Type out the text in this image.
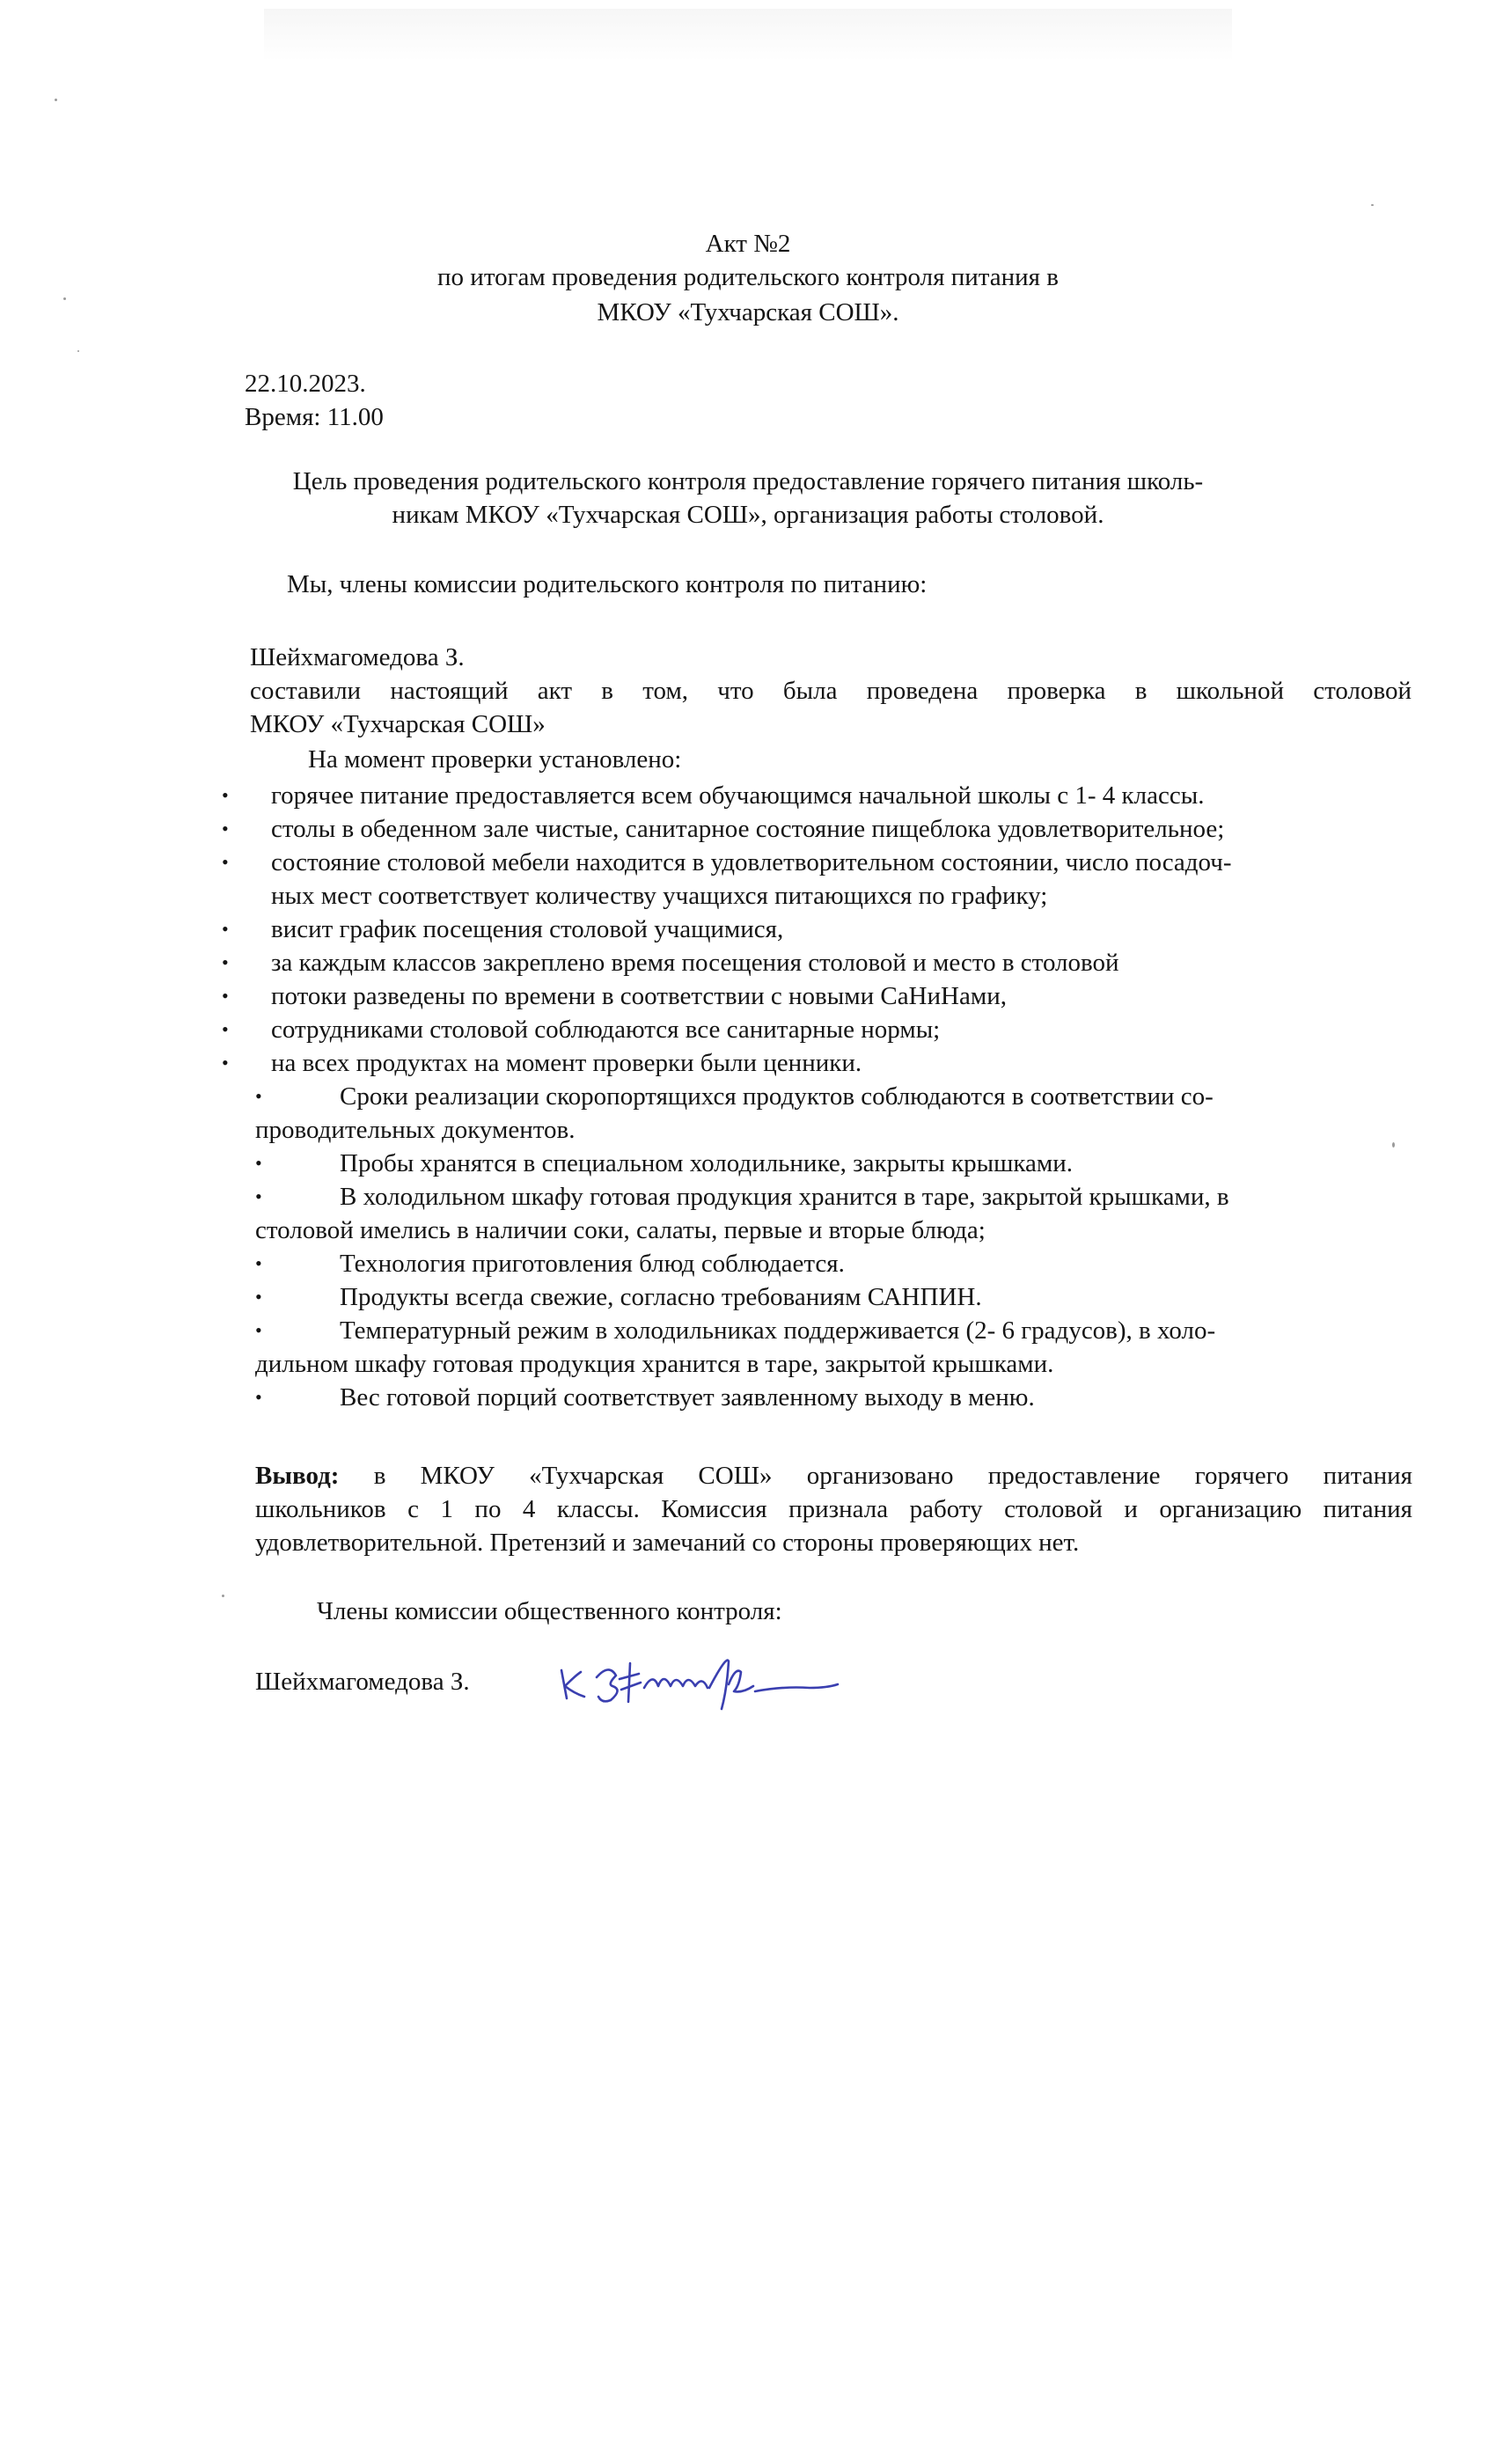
Акт №2
по итогам проведения родительского контроля питания в
МКОУ «Тухчарская СОШ».
22.10.2023.
Время: 11.00
Цель проведения родительского контроля предоставление горячего питания школь-
никам МКОУ «Тухчарская СОШ», организация работы столовой.
Мы, члены комиссии родительского контроля по питанию:
Шейхмагомедова З.
составили настоящий акт в том, что была проведена проверка в школьной столовой
МКОУ «Тухчарская СОШ»
На момент проверки установлено:
•	горячее питание предоставляется всем обучающимся начальной школы с 1- 4 классы.
•	столы в обеденном зале чистые, санитарное состояние пищеблока удовлетворительное;
•	состояние столовой мебели находится в удовлетворительном состоянии, число посадоч-
ных мест соответствует количеству учащихся питающихся по графику;
•	висит график посещения столовой учащимися,
•	за каждым классов закреплено время посещения столовой и место в столовой
•	потоки разведены по времени в соответствии с новыми СаНиНами,
•	сотрудниками столовой соблюдаются все санитарные нормы;
•	на всех продуктах на момент проверки были ценники.
•	Сроки реализации скоропортящихся продуктов соблюдаются в соответствии со-
проводительных документов.
•	Пробы хранятся в специальном холодильнике, закрыты крышками.
•	В холодильном шкафу готовая продукция хранится в таре, закрытой крышками, в
столовой имелись в наличии соки, салаты, первые и вторые блюда;
•	Технология приготовления блюд соблюдается.
•	Продукты всегда свежие, согласно требованиям САНПИН.
•	Температурный режим в холодильниках поддерживается (2- 6 градусов), в холо-
дильном шкафу готовая продукция хранится в таре, закрытой крышками.
•	Вес готовой порций соответствует заявленному выходу в меню.
Вывод: в МКОУ «Тухчарская СОШ» организовано предоставление горячего питания
школьников с 1 по 4 классы. Комиссия признала работу столовой и организацию питания
удовлетворительной. Претензий и замечаний со стороны проверяющих нет.
Члены комиссии общественного контроля:
Шейхмагомедова З.
